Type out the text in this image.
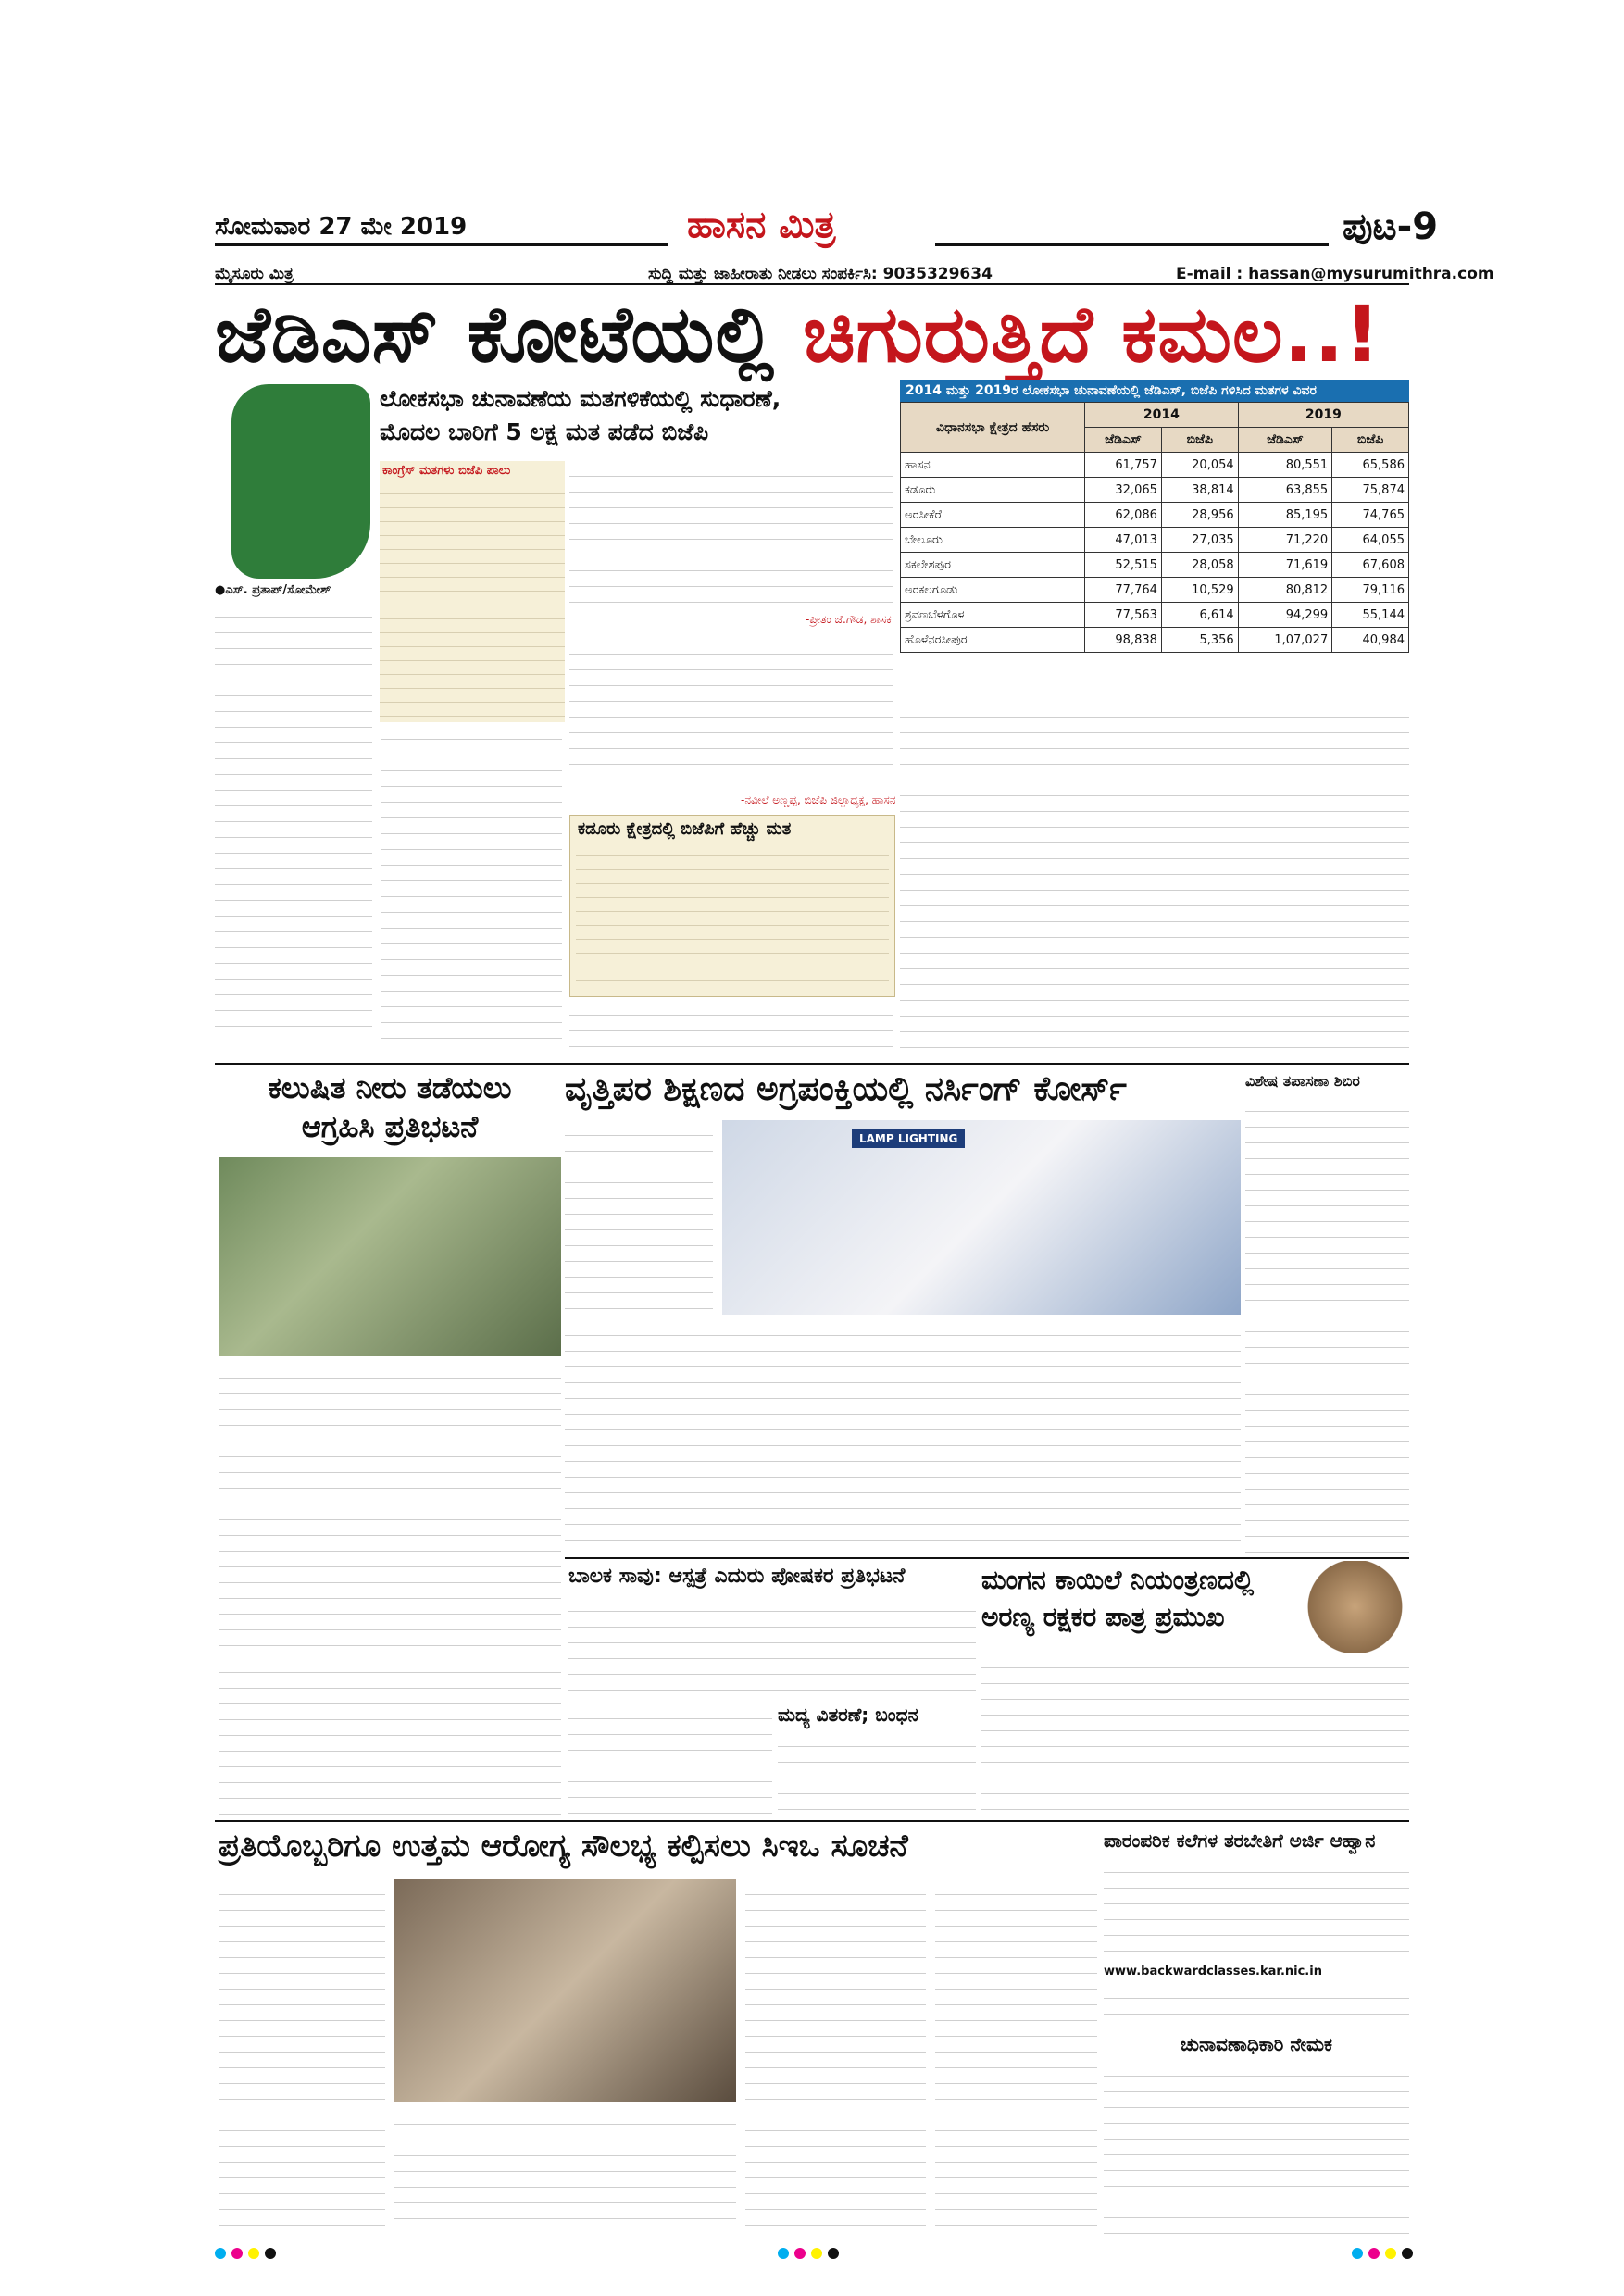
ಸೋಮವಾರ 27 ಮೇ 2019	ಹಾಸನ ಮಿತ್ರ	ಪುಟ-9
ಮೈಸೂರು ಮಿತ್ರ	ಸುದ್ದಿ ಮತ್ತು ಜಾಹೀರಾತು ನೀಡಲು ಸಂಪರ್ಕಿಸಿ: 9035329634	E-mail : hassan@mysurumithra.com
ಜೆಡಿಎಸ್ ಕೋಟೆಯಲ್ಲಿ ಚಿಗುರುತ್ತಿದೆ ಕಮಲ..!
ಲೋಕಸಭಾ ಚುನಾವಣೆಯ ಮತಗಳಿಕೆಯಲ್ಲಿ ಸುಧಾರಣೆ,
ಮೊದಲ ಬಾರಿಗೆ 5 ಲಕ್ಷ ಮತ ಪಡೆದ ಬಿಜೆಪಿ
ಕಾಂಗ್ರೆಸ್ ಮತಗಳು ಬಿಜೆಪಿ ಪಾಲು
●ಎಸ್. ಪ್ರತಾಪ್/ಸೋಮೇಶ್
-ಪ್ರೀತಂ ಜೆ.ಗೌಡ, ಶಾಸಕ
-ನವೀಲೆ ಅಣ್ಣಪ್ಪ, ಬಿಜೆಪಿ ಜಿಲ್ಲಾಧ್ಯಕ್ಷ, ಹಾಸನ
ಕಡೂರು ಕ್ಷೇತ್ರದಲ್ಲಿ ಬಿಜೆಪಿಗೆ ಹೆಚ್ಚು ಮತ
2014 ಮತ್ತು 2019ರ ಲೋಕಸಭಾ ಚುನಾವಣೆಯಲ್ಲಿ ಜೆಡಿಎಸ್, ಬಿಜೆಪಿ ಗಳಿಸಿದ ಮತಗಳ ವಿವರ
ವಿಧಾನಸಭಾ ಕ್ಷೇತ್ರದ ಹೆಸರು	2014		2019	
	ಜೆಡಿಎಸ್	ಬಿಜೆಪಿ	ಜೆಡಿಎಸ್	ಬಿಜೆಪಿ
ಹಾಸನ	61,757	20,054	80,551	65,586
ಕಡೂರು	32,065	38,814	63,855	75,874
ಅರಸೀಕೆರೆ	62,086	28,956	85,195	74,765
ಬೇಲೂರು	47,013	27,035	71,220	64,055
ಸಕಲೇಶಪುರ	52,515	28,058	71,619	67,608
ಅರಕಲಗೂಡು	77,764	10,529	80,812	79,116
ಶ್ರವಣಬೆಳಗೊಳ	77,563	6,614	94,299	55,144
ಹೊಳೆನರಸೀಪುರ	98,838	5,356	1,07,027	40,984
ಕಲುಷಿತ ನೀರು ತಡೆಯಲು
ಆಗ್ರಹಿಸಿ ಪ್ರತಿಭಟನೆ
ವೃತ್ತಿಪರ ಶಿಕ್ಷಣದ ಅಗ್ರಪಂಕ್ತಿಯಲ್ಲಿ ನರ್ಸಿಂಗ್ ಕೋರ್ಸ್
LAMP LIGHTING
ವಿಶೇಷ ತಪಾಸಣಾ ಶಿಬಿರ
ಬಾಲಕ ಸಾವು: ಆಸ್ಪತ್ರೆ ಎದುರು ಪೋಷಕರ ಪ್ರತಿಭಟನೆ
ಮದ್ಯ ವಿತರಣೆ; ಬಂಧನ
ಮಂಗನ ಕಾಯಿಲೆ ನಿಯಂತ್ರಣದಲ್ಲಿ
ಅರಣ್ಯ ರಕ್ಷಕರ ಪಾತ್ರ ಪ್ರಮುಖ
ಪ್ರತಿಯೊಬ್ಬರಿಗೂ ಉತ್ತಮ ಆರೋಗ್ಯ ಸೌಲಭ್ಯ ಕಲ್ಪಿಸಲು ಸಿಇಒ ಸೂಚನೆ	ಪಾರಂಪರಿಕ ಕಲೆಗಳ ತರಬೇತಿಗೆ ಅರ್ಜಿ ಆಹ್ವಾನ
www.backwardclasses.kar.nic.in
ಚುನಾವಣಾಧಿಕಾರಿ ನೇಮಕ
